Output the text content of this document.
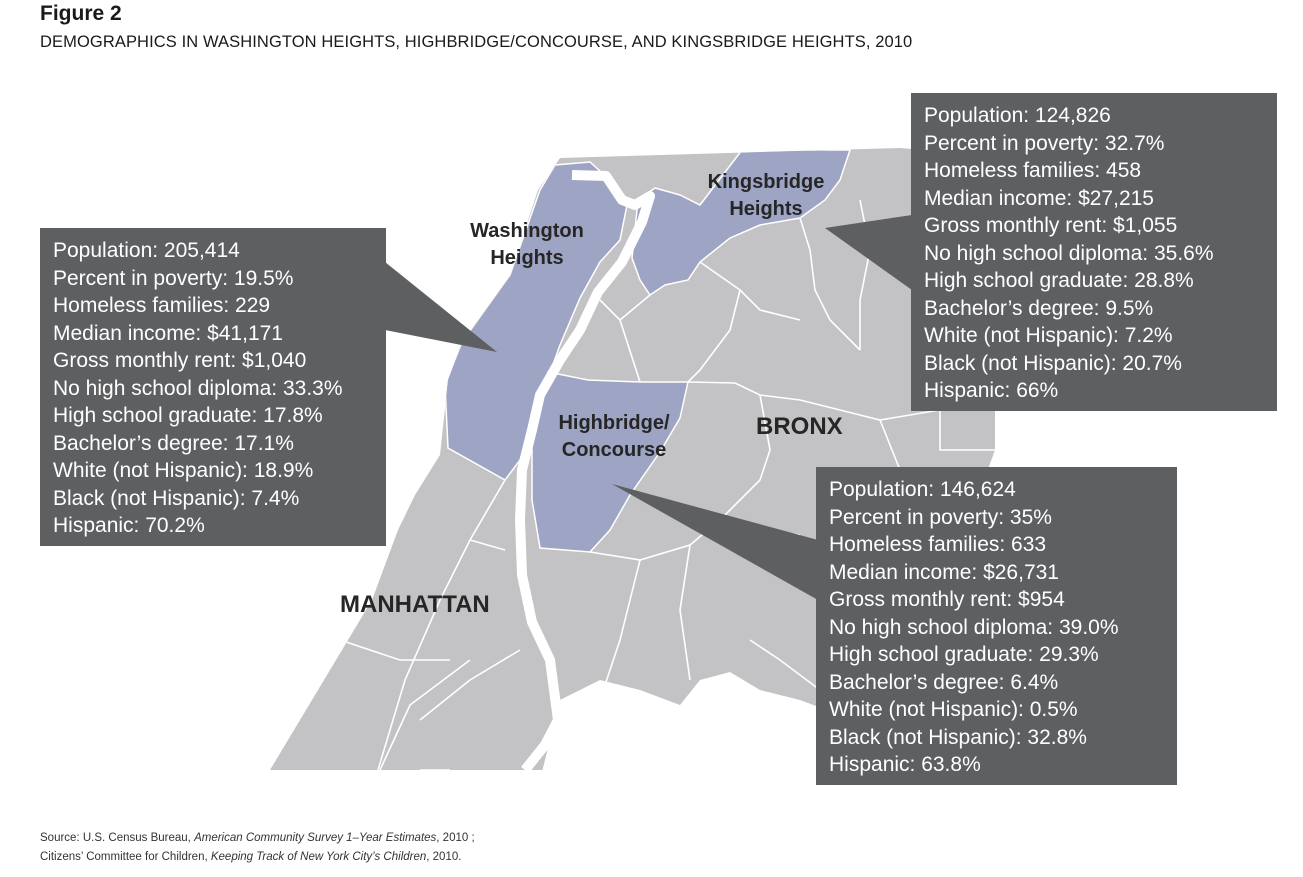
Figure 2
DEMOGRAPHICS IN WASHINGTON HEIGHTS, HIGHBRIDGE/CONCOURSE, AND KINGSBRIDGE HEIGHTS, 2010
Washington
Heights
Kingsbridge
Heights
Highbridge/
Concourse
BRONX
MANHATTAN
Population: 205,414
Percent in poverty: 19.5%
Homeless families: 229
Median income: $41,171
Gross monthly rent: $1,040
No high school diploma: 33.3%
High school graduate: 17.8%
Bachelor’s degree: 17.1%
White (not Hispanic): 18.9%
Black (not Hispanic): 7.4%
Hispanic: 70.2%
Population: 124,826
Percent in poverty: 32.7%
Homeless families: 458
Median income: $27,215
Gross monthly rent: $1,055
No high school diploma: 35.6%
High school graduate: 28.8%
Bachelor’s degree: 9.5%
White (not Hispanic): 7.2%
Black (not Hispanic): 20.7%
Hispanic: 66%
Population: 146,624
Percent in poverty: 35%
Homeless families: 633
Median income: $26,731
Gross monthly rent: $954
No high school diploma: 39.0%
High school graduate: 29.3%
Bachelor’s degree: 6.4%
White (not Hispanic): 0.5%
Black (not Hispanic): 32.8%
Hispanic: 63.8%
Source: U.S. Census Bureau, American Community Survey 1–Year Estimates, 2010 ;
Citizens’ Committee for Children, Keeping Track of New York City’s Children, 2010.
